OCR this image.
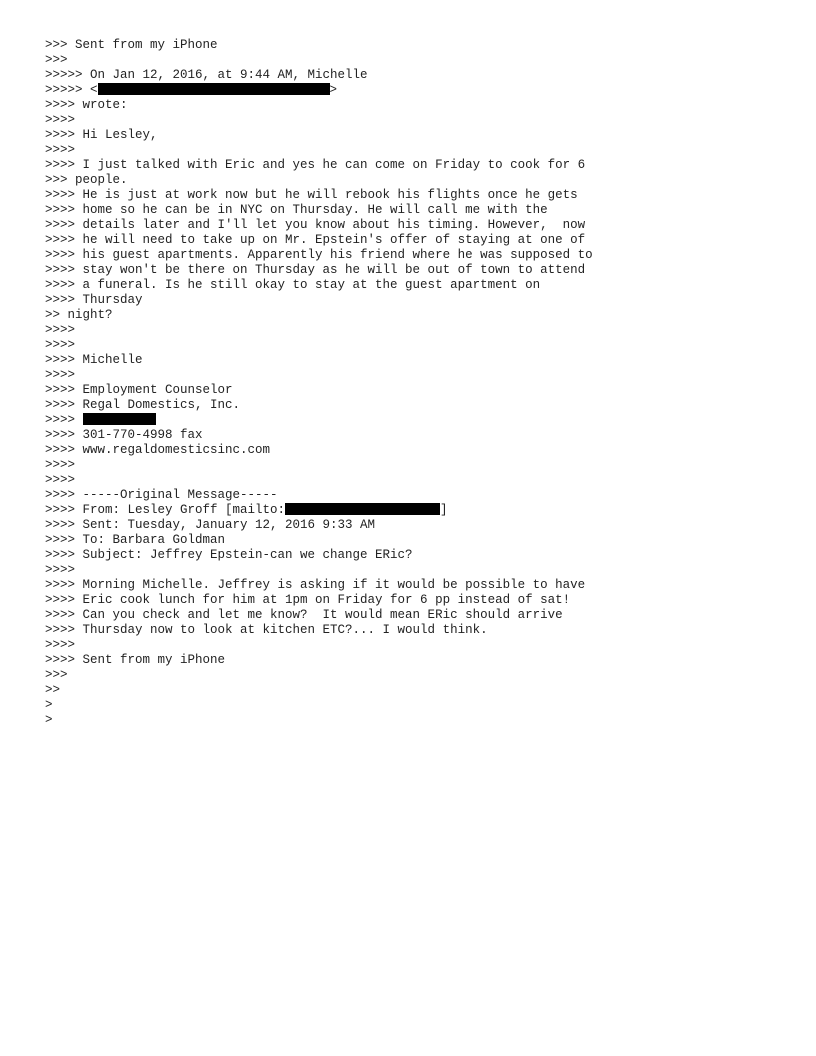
>>> Sent from my iPhone
>>>
>>>>> On Jan 12, 2016, at 9:44 AM, Michelle
>>>>> <	>
>>>> wrote:
>>>>
>>>> Hi Lesley,
>>>>
>>>> I just talked with Eric and yes he can come on Friday to cook for 6
>>> people.
>>>> He is just at work now but he will rebook his flights once he gets
>>>> home so he can be in NYC on Thursday. He will call me with the
>>>> details later and I'll let you know about his timing. However,  now
>>>> he will need to take up on Mr. Epstein's offer of staying at one of
>>>> his guest apartments. Apparently his friend where he was supposed to
>>>> stay won't be there on Thursday as he will be out of town to attend
>>>> a funeral. Is he still okay to stay at the guest apartment on
>>>> Thursday
>> night?
>>>>
>>>>
>>>> Michelle
>>>>
>>>> Employment Counselor
>>>> Regal Domestics, Inc.
>>>>
>>>> 301-770-4998 fax
>>>> www.regaldomesticsinc.com
>>>>
>>>>
>>>> -----Original Message-----
>>>> From: Lesley Groff [mailto:	]
>>>> Sent: Tuesday, January 12, 2016 9:33 AM
>>>> To: Barbara Goldman
>>>> Subject: Jeffrey Epstein-can we change ERic?
>>>>
>>>> Morning Michelle. Jeffrey is asking if it would be possible to have
>>>> Eric cook lunch for him at 1pm on Friday for 6 pp instead of sat!
>>>> Can you check and let me know?  It would mean ERic should arrive
>>>> Thursday now to look at kitchen ETC?... I would think.
>>>>
>>>> Sent from my iPhone
>>>
>>
>
>
